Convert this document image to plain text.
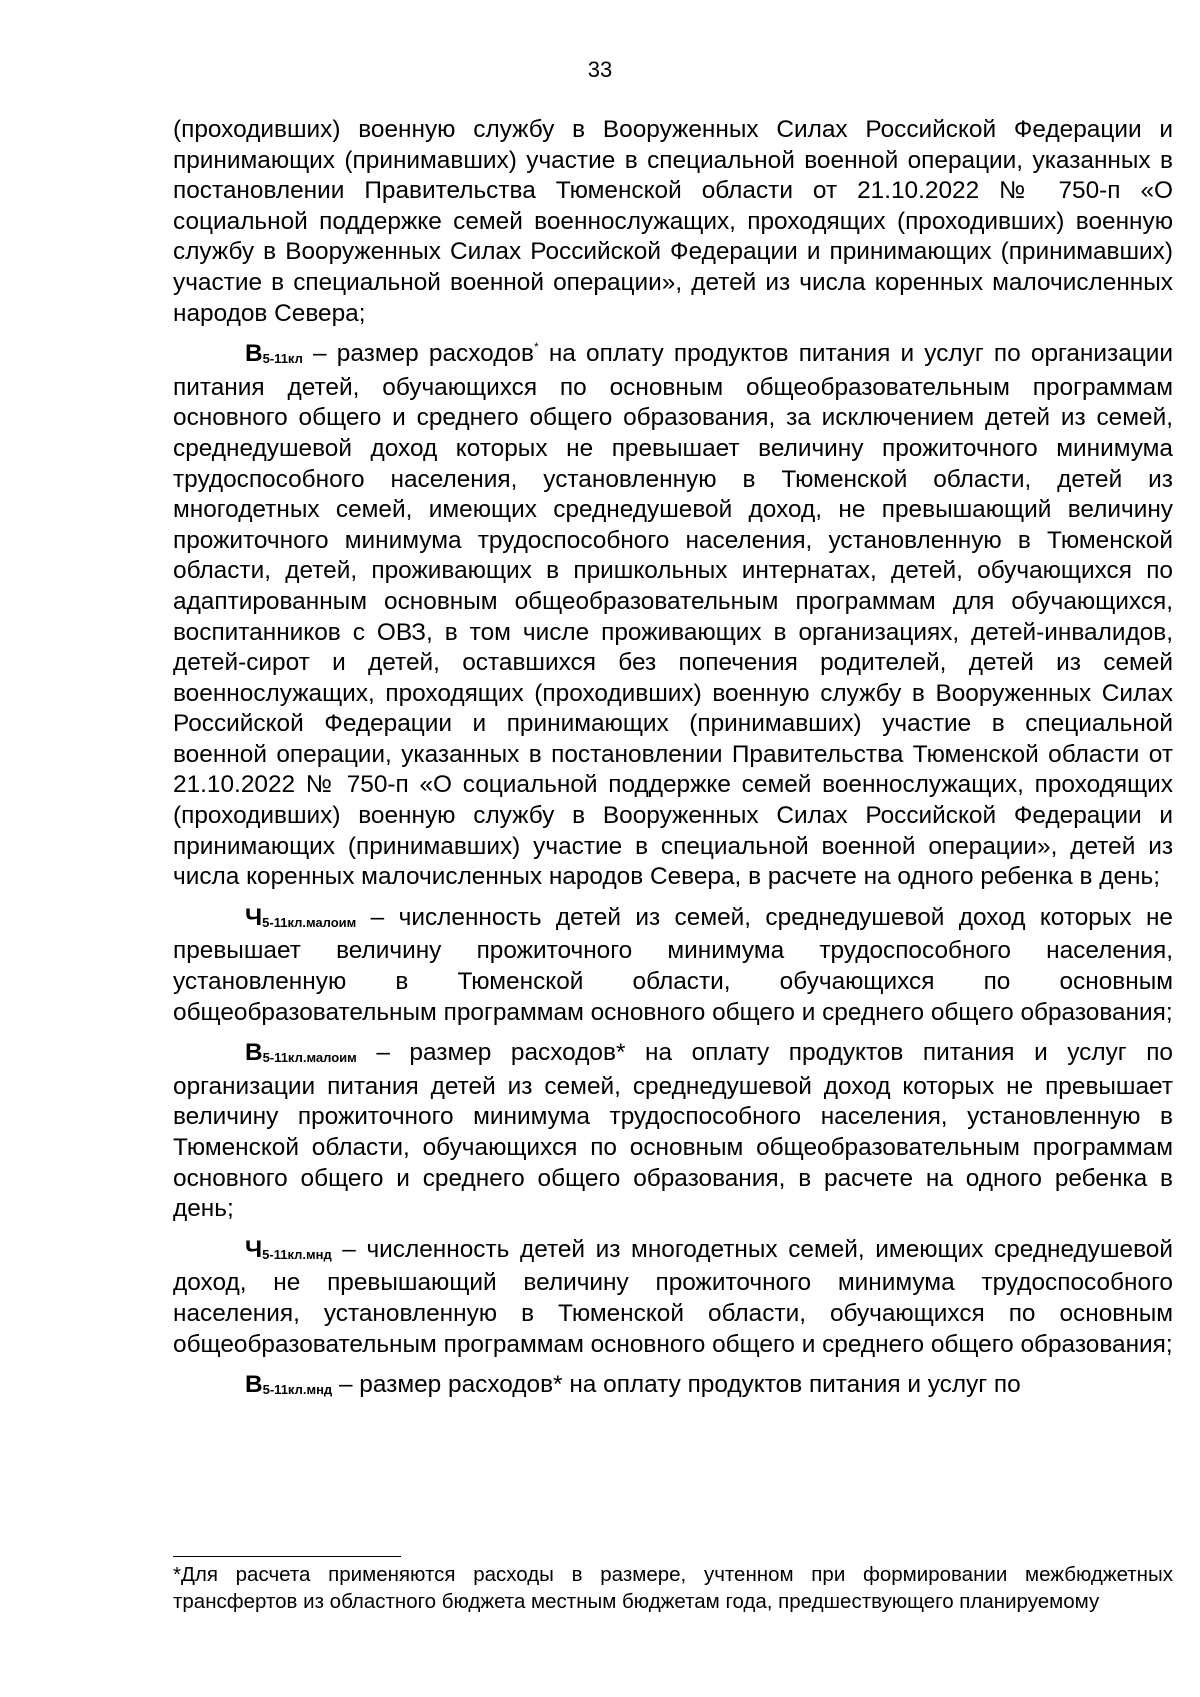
33

(проходивших) военную службу в Вооруженных Силах Российской Федерации и принимающих (принимавших) участие в специальной военной операции, указанных в постановлении Правительства Тюменской области от 21.10.2022 № 750-п «О социальной поддержке семей военнослужащих, проходящих (проходивших) военную службу в Вооруженных Силах Российской Федерации и принимающих (принимавших) участие в специальной военной операции», детей из числа коренных малочисленных народов Севера;

В5-11кл – размер расходов* на оплату продуктов питания и услуг по организации питания детей, обучающихся по основным общеобразовательным программам основного общего и среднего общего образования, за исключением детей из семей, среднедушевой доход которых не превышает величину прожиточного минимума трудоспособного населения, установленную в Тюменской области, детей из многодетных семей, имеющих среднедушевой доход, не превышающий величину прожиточного минимума трудоспособного населения, установленную в Тюменской области, детей, проживающих в пришкольных интернатах, детей, обучающихся по адаптированным основным общеобразовательным программам для обучающихся, воспитанников с ОВЗ, в том числе проживающих в организациях, детей-инвалидов, детей-сирот и детей, оставшихся без попечения родителей, детей из семей военнослужащих, проходящих (проходивших) военную службу в Вооруженных Силах Российской Федерации и принимающих (принимавших) участие в специальной военной операции, указанных в постановлении Правительства Тюменской области от 21.10.2022 № 750-п «О социальной поддержке семей военнослужащих, проходящих (проходивших) военную службу в Вооруженных Силах Российской Федерации и принимающих (принимавших) участие в специальной военной операции», детей из числа коренных малочисленных народов Севера, в расчете на одного ребенка в день;

Ч5-11кл.малоим – численность детей из семей, среднедушевой доход которых не превышает величину прожиточного минимума трудоспособного населения, установленную в Тюменской области, обучающихся по основным общеобразовательным программам основного общего и среднего общего образования;

В5-11кл.малоим – размер расходов* на оплату продуктов питания и услуг по организации питания детей из семей, среднедушевой доход которых не превышает величину прожиточного минимума трудоспособного населения, установленную в Тюменской области, обучающихся по основным общеобразовательным программам основного общего и среднего общего образования, в расчете на одного ребенка в день;

Ч5-11кл.мнд – численность детей из многодетных семей, имеющих среднедушевой доход, не превышающий величину прожиточного минимума трудоспособного населения, установленную в Тюменской области, обучающихся по основным общеобразовательным программам основного общего и среднего общего образования;

В5-11кл.мнд – размер расходов* на оплату продуктов питания и услуг по

*Для расчета применяются расходы в размере, учтенном при формировании межбюджетных трансфертов из областного бюджета местным бюджетам года, предшествующего планируемому
